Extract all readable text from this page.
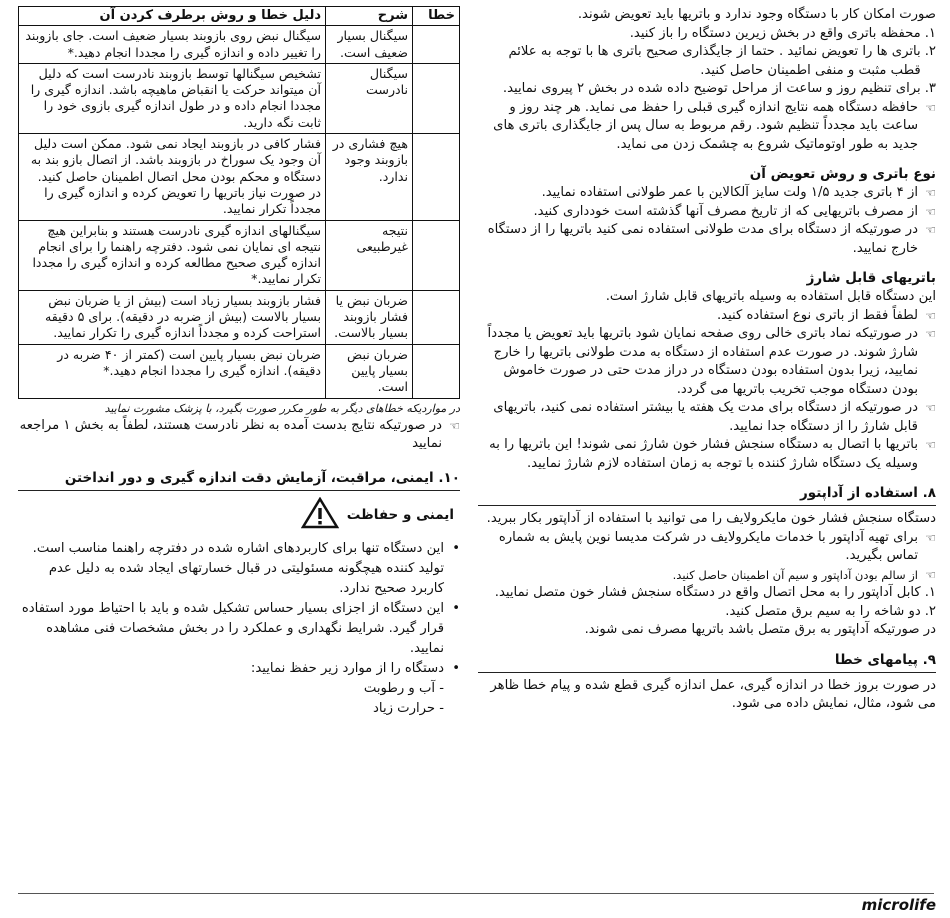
صورت امکان کار با دستگاه وجود ندارد و باتریها باید تعویض شوند.

۱.
محفظه باتری واقع در بخش زیرین دستگاه را باز کنید.
۲.
باتری ها را تعویض نمائید . حتما از جایگذاری صحیح باتری ها با توجه به علائم قطب مثبت و منفی اطمینان حاصل کنید.
۳.
برای تنظیم روز و ساعت از مراحل توضیح داده شده در بخش ۲ پیروی نمایید.
☜
حافظه دستگاه همه نتایج اندازه گیری قبلی را حفظ می نماید. هر چند روز و ساعت باید مجدداً تنظیم شود. رقم مربوط به سال پس از جایگذاری باتری های جدید به طور اوتوماتیک شروع به چشمک زدن می نماید.

نوع باتری و روش تعویض آن

☜
از ۴ باتری جدید ۱/۵ ولت سایز آلکالاین با عمر طولانی استفاده نمایید.
☜
از مصرف باتریهایی که از تاریخ مصرف آنها گذشته است خودداری کنید.
☜
در صورتیکه از دستگاه برای مدت طولانی استفاده نمی کنید باتریها را از دستگاه خارج نمایید.

باتریهای قابل شارژ

این دستگاه قابل استفاده به وسیله باتریهای قابل شارژ است.

☜
لطفاً فقط از باتری نوع استفاده کنید.
☜
در صورتیکه نماد باتری خالی روی صفحه نمایان شود باتریها باید تعویض یا مجدداً شارژ شوند. در صورت عدم استفاده از دستگاه به مدت طولانی باتریها را خارج نمایید، زیرا بدون استفاده بودن دستگاه در دراز مدت حتی در صورت خاموش بودن دستگاه موجب تخریب باتریها می گردد.
☜
در صورتیکه از دستگاه برای مدت یک هفته یا بیشتر استفاده نمی کنید، باتریهای قابل شارژ را از دستگاه جدا نمایید.
☜
باتریها با اتصال به دستگاه سنجش فشار خون شارژ نمی شوند! این باتریها را به وسیله یک دستگاه شارژ کننده با توجه به زمان استفاده لازم شارژ نمایید.

۸. استفاده از آداپتور

دستگاه سنجش فشار خون مایکرولایف را می توانید با استفاده از آداپتور بکار ببرید.

☜
برای تهیه آداپتور با خدمات مایکرولایف در شرکت مدیسا نوین پایش به شماره تماس بگیرید.
☜
از سالم بودن آداپتور و سیم آن اطمینان حاصل کنید.
۱.
کابل آداپتور را به محل اتصال واقع در دستگاه سنجش فشار خون متصل نمایید.
۲.
دو شاخه را به سیم برق متصل کنید.

در صورتیکه آداپتور به برق متصل باشد باتریها مصرف نمی شوند.

۹. پیامهای خطا

در صورت بروز خطا در اندازه گیری، عمل اندازه گیری قطع شده و پیام خطا ظاهر می شود، مثال، نمایش داده می شود.

خطا	شرح	دلیل خطا و روش برطرف کردن آن
	سیگنال بسیار ضعیف است.	سیگنال نبض روی بازوبند بسیار ضعیف است. جای بازوبند را تغییر داده و اندازه گیری را مجددا انجام دهید.*
	سیگنال نادرست	تشخیص سیگنالها توسط بازوبند نادرست است که دلیل آن میتواند حرکت یا انقباض ماهیچه باشد. اندازه گیری را مجددا انجام داده و در طول اندازه گیری بازوی خود را ثابت نگه دارید.
	هیچ فشاری در بازوبند وجود ندارد.	فشار کافی در بازوبند ایجاد نمی شود. ممکن است دلیل آن وجود یک سوراخ در بازوبند باشد. از اتصال بازو بند به دستگاه و محکم بودن محل اتصال اطمینان حاصل کنید. در صورت نیاز باتریها را تعویض کرده و اندازه گیری را مجدداً تکرار نمایید.
	نتیجه غیرطبیعی	سیگنالهای اندازه گیری نادرست هستند و بنابراین هیچ نتیجه ای نمایان نمی شود. دفترچه راهنما را برای انجام اندازه گیری صحیح مطالعه کرده و اندازه گیری را مجددا تکرار نمایید.*
	ضربان نبض یا فشار بازوبند بسیار بالاست.	فشار بازوبند بسیار زیاد است (بیش از یا ضربان نبض بسیار بالاست (بیش از ضربه در دقیقه). برای ۵ دقیقه استراحت کرده و مجدداً اندازه گیری را تکرار نمایید.
	ضربان نبض بسیار پایین است.	ضربان نبض بسیار پایین است (کمتر از ۴۰ ضربه در دقیقه). اندازه گیری را مجددا انجام دهید.*

در مواردیکه خطاهای دیگر به طور مکرر صورت بگیرد، با پزشک مشورت نمایید

☜
در صورتیکه نتایج بدست آمده به نظر نادرست هستند، لطفاً به بخش ۱ مراجعه نمایید

۱۰. ایمنی، مراقبت، آزمایش دقت اندازه گیری و دور انداختن

ایمنی و حفاظت
•
این دستگاه تنها برای کاربردهای اشاره شده در دفترچه راهنما مناسب است. تولید کننده هیچگونه مسئولیتی در قبال خسارتهای ایجاد شده به دلیل عدم کاربرد صحیح ندارد.
•
این دستگاه از اجزای بسیار حساس تشکیل شده و باید با احتیاط مورد استفاده قرار گیرد. شرایط نگهداری و عملکرد را در بخش مشخصات فنی مشاهده نمایید.
•
دستگاه را از موارد زیر حفظ نمایید:
- آب و رطوبت
- حرارت زیاد
microlife
